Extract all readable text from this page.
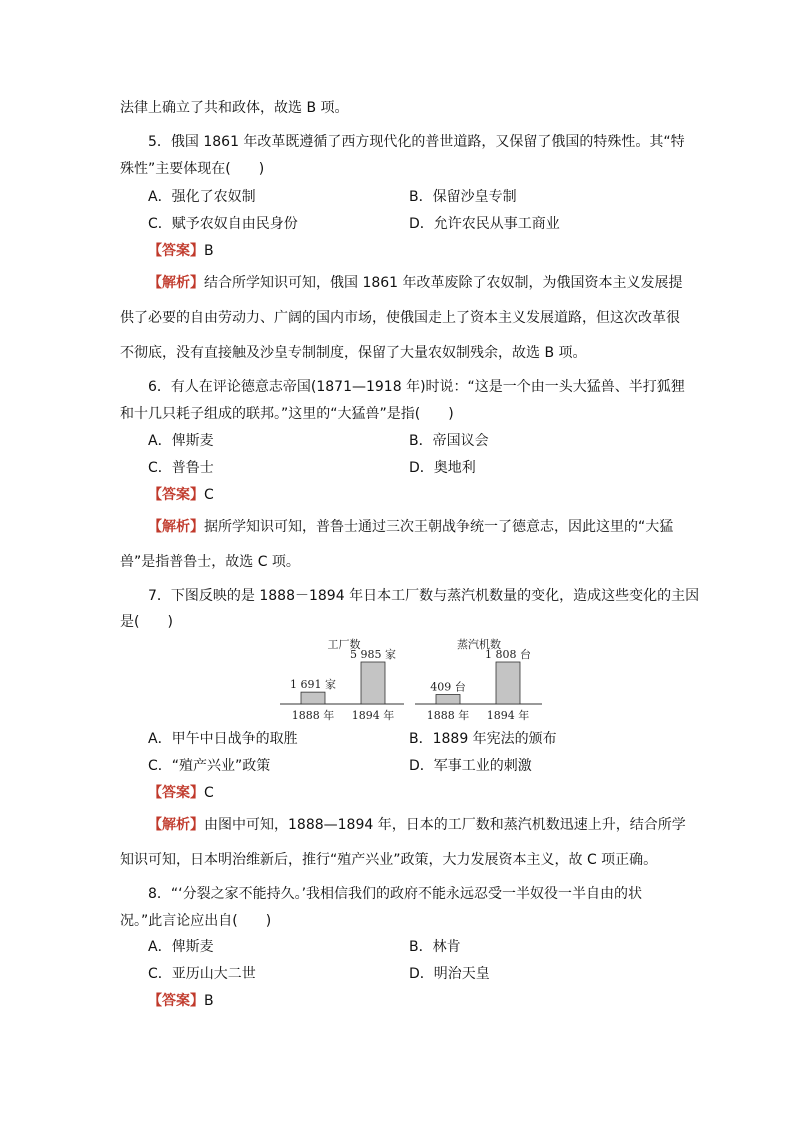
法律上确立了共和政体，故选 B 项。
5．俄国 1861 年改革既遵循了西方现代化的普世道路，又保留了俄国的特殊性。其“特
殊性”主要体现在(　　)
A．强化了农奴制	B．保留沙皇专制
C．赋予农奴自由民身份	D．允许农民从事工商业
【答案】B
【解析】结合所学知识可知，俄国 1861 年改革废除了农奴制，为俄国资本主义发展提
供了必要的自由劳动力、广阔的国内市场，使俄国走上了资本主义发展道路，但这次改革很
不彻底，没有直接触及沙皇专制制度，保留了大量农奴制残余，故选 B 项。
6．有人在评论德意志帝国(1871—1918 年)时说：“这是一个由一头大猛兽、半打狐狸
和十几只耗子组成的联邦。”这里的“大猛兽”是指(　　)
A．俾斯麦	B．帝国议会
C．普鲁士	D．奥地利
【答案】C
【解析】据所学知识可知，普鲁士通过三次王朝战争统一了德意志，因此这里的“大猛
兽”是指普鲁士，故选 C 项。
7．下图反映的是 1888－1894 年日本工厂数与蒸汽机数量的变化，造成这些变化的主因
是(　　)
工厂数	蒸汽机数
1 691 家
1888 年
5 985 家
1894 年
409 台
1888 年
1 808 台
1894 年
A．甲午中日战争的取胜	B．1889 年宪法的颁布
C．“殖产兴业”政策	D．军事工业的刺激
【答案】C
【解析】由图中可知，1888—1894 年，日本的工厂数和蒸汽机数迅速上升，结合所学
知识可知，日本明治维新后，推行“殖产兴业”政策，大力发展资本主义，故 C 项正确。
8．“‘分裂之家不能持久。’我相信我们的政府不能永远忍受一半奴役一半自由的状
况。”此言论应出自(　　)
A．俾斯麦	B．林肯
C．亚历山大二世	D．明治天皇
【答案】B
